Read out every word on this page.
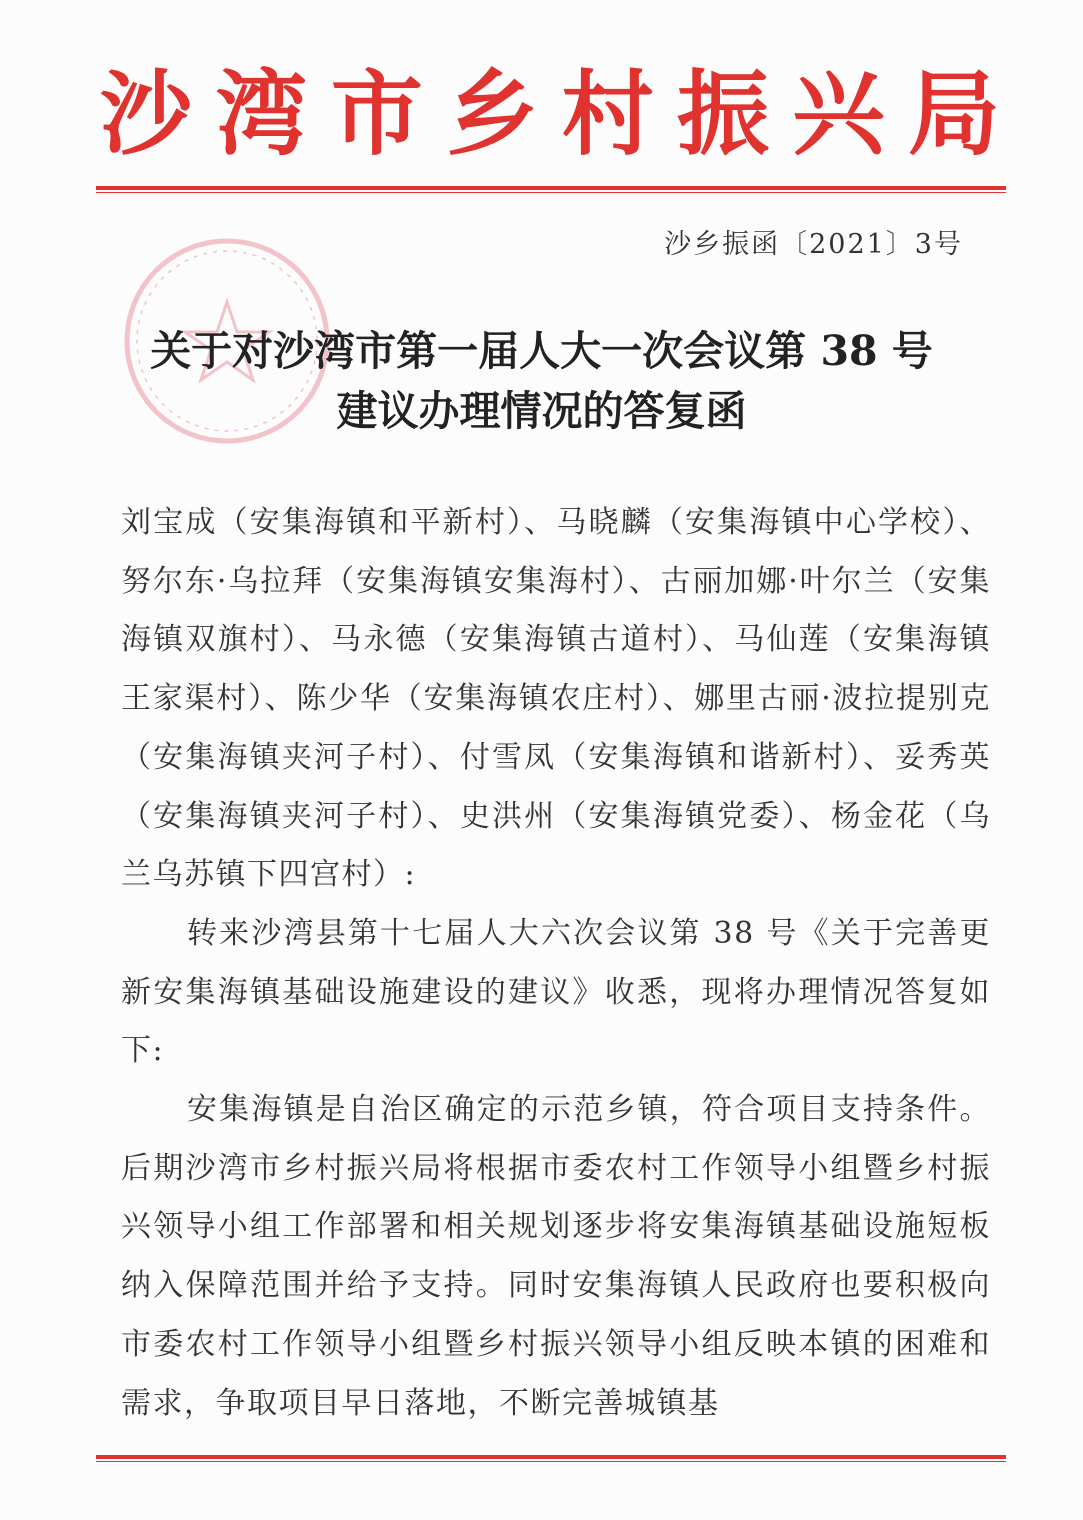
沙 湾 市 乡 村 振 兴 局
沙乡振函〔2021〕3号
关于对沙湾市第一届人大一次会议第 38 号
建议办理情况的答复函

刘宝成（安集海镇和平新村）、马晓麟（安集海镇中心学校）、努尔东·乌拉拜（安集海镇安集海村）、古丽加娜·叶尔兰（安集海镇双旗村）、马永德（安集海镇古道村）、马仙莲（安集海镇王家渠村）、陈少华（安集海镇农庄村）、娜里古丽·波拉提别克（安集海镇夹河子村）、付雪凤（安集海镇和谐新村）、妥秀英（安集海镇夹河子村）、史洪州（安集海镇党委）、杨金花（乌兰乌苏镇下四宫村）:

转来沙湾县第十七届人大六次会议第 38 号《关于完善更新安集海镇基础设施建设的建议》收悉，现将办理情况答复如下:

安集海镇是自治区确定的示范乡镇，符合项目支持条件。后期沙湾市乡村振兴局将根据市委农村工作领导小组暨乡村振兴领导小组工作部署和相关规划逐步将安集海镇基础设施短板纳入保障范围并给予支持。同时安集海镇人民政府也要积极向市委农村工作领导小组暨乡村振兴领导小组反映本镇的困难和需求，争取项目早日落地，不断完善城镇基
